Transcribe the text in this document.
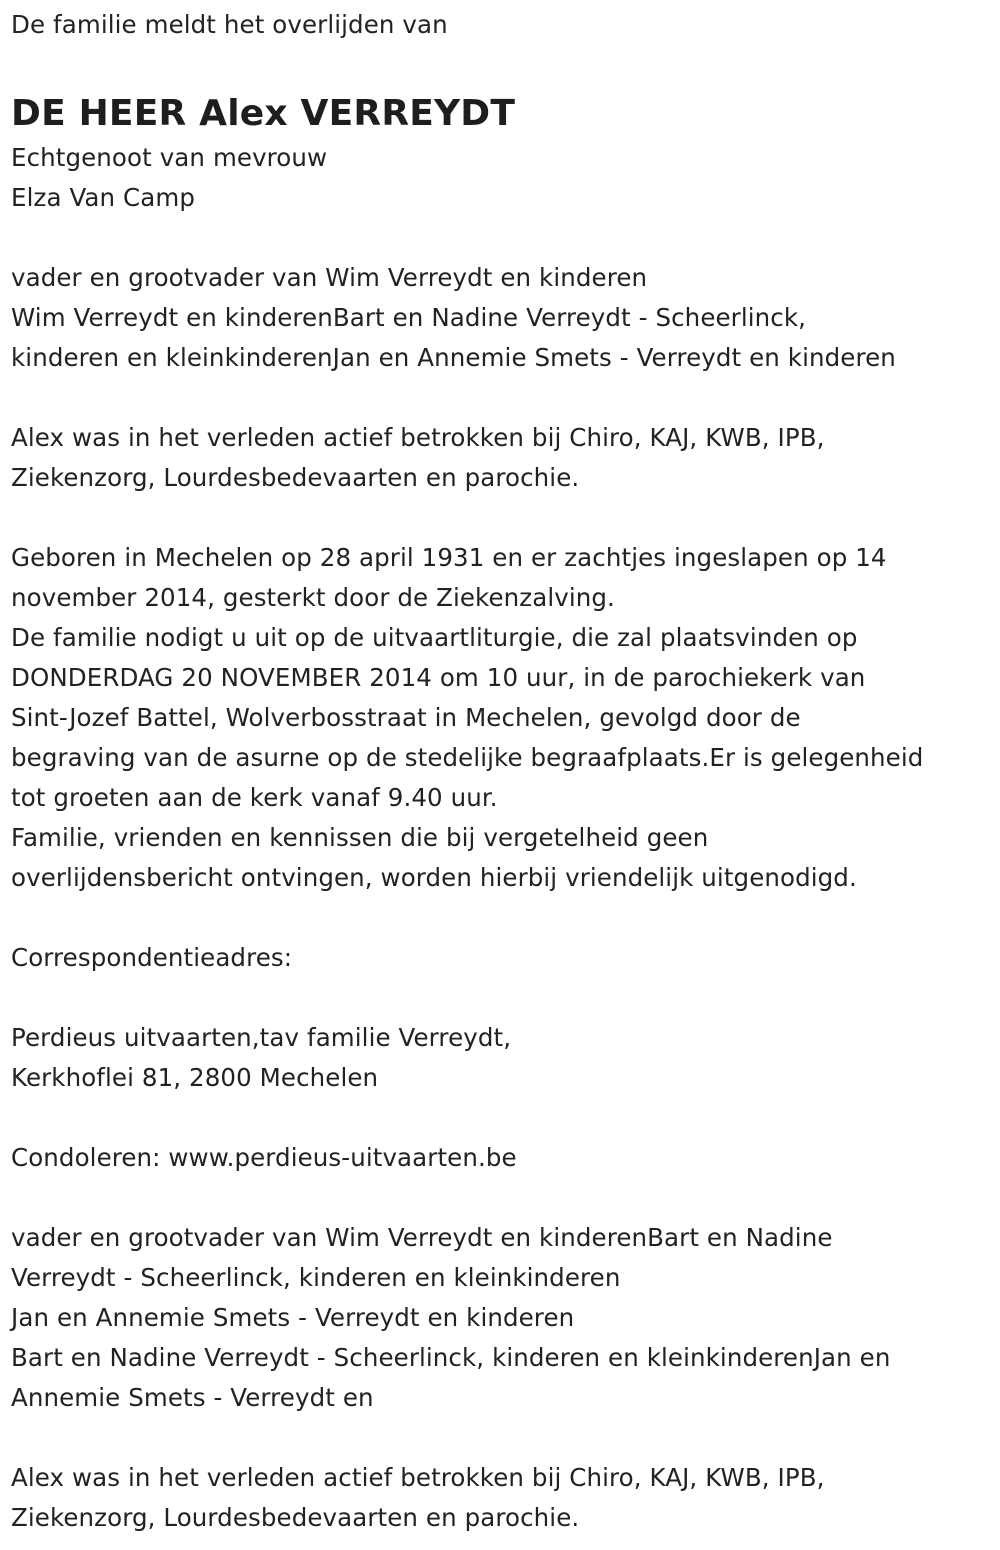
De familie meldt het overlijden van
DE HEER Alex VERREYDT
Echtgenoot van mevrouw
Elza Van Camp
vader en grootvader van Wim Verreydt en kinderen
Wim Verreydt en kinderenBart en Nadine Verreydt - Scheerlinck,
kinderen en kleinkinderenJan en Annemie Smets - Verreydt en kinderen
Alex was in het verleden actief betrokken bij Chiro, KAJ, KWB, IPB,
Ziekenzorg, Lourdesbedevaarten en parochie.
Geboren in Mechelen op 28 april 1931 en er zachtjes ingeslapen op 14
november 2014, gesterkt door de Ziekenzalving.
De familie nodigt u uit op de uitvaartliturgie, die zal plaatsvinden op
DONDERDAG 20 NOVEMBER 2014 om 10 uur, in de parochiekerk van
Sint-Jozef Battel, Wolverbosstraat in Mechelen, gevolgd door de
begraving van de asurne op de stedelijke begraafplaats.Er is gelegenheid
tot groeten aan de kerk vanaf 9.40 uur.
Familie, vrienden en kennissen die bij vergetelheid geen
overlijdensbericht ontvingen, worden hierbij vriendelijk uitgenodigd.
Correspondentieadres:
Perdieus uitvaarten,tav familie Verreydt,
Kerkhoflei 81, 2800 Mechelen
Condoleren: www.perdieus-uitvaarten.be
vader en grootvader van Wim Verreydt en kinderenBart en Nadine
Verreydt - Scheerlinck, kinderen en kleinkinderen
Jan en Annemie Smets - Verreydt en kinderen
Bart en Nadine Verreydt - Scheerlinck, kinderen en kleinkinderenJan en
Annemie Smets - Verreydt en
Alex was in het verleden actief betrokken bij Chiro, KAJ, KWB, IPB,
Ziekenzorg, Lourdesbedevaarten en parochie.
